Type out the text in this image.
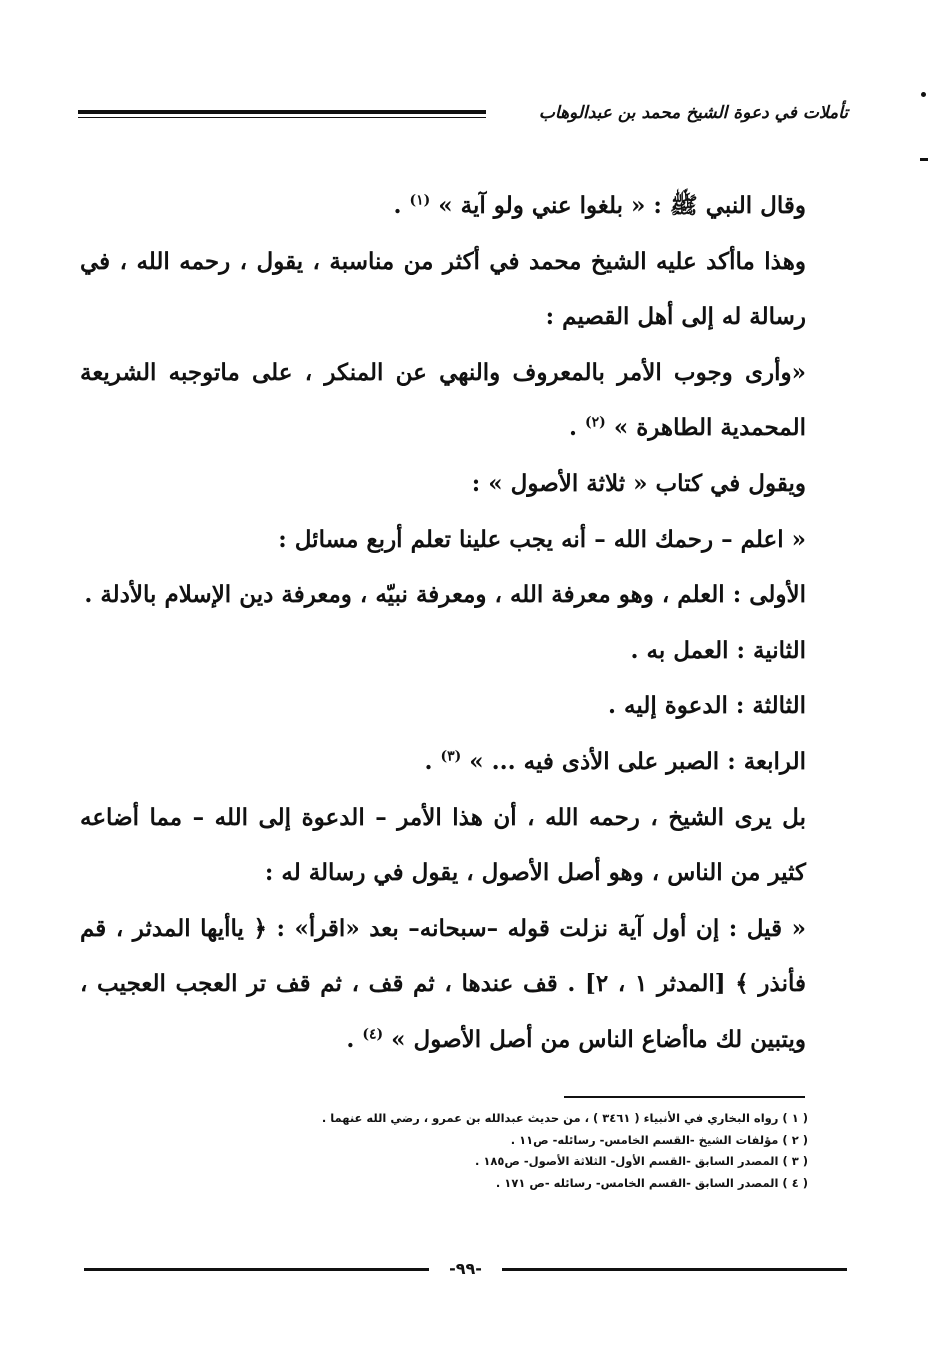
تأملات في دعوة الشيخ محمد بن عبدالوهاب

وقال النبي ﷺ : « بلغوا عني ولو آية » $^{(١)}$ .

وهذا ماأكد عليه الشيخ محمد في أكثر من مناسبة ، يقول ، رحمه الله ، في رسالة له إلى أهل القصيم :

«وأرى وجوب الأمر بالمعروف والنهي عن المنكر ، على ماتوجبه الشريعة المحمدية الطاهرة » $^{(٢)}$ .

ويقول في كتاب « ثلاثة الأصول » :

« اعلم – رحمك الله – أنه يجب علينا تعلم أربع مسائل :

الأولى : العلم ، وهو معرفة الله ، ومعرفة نبيّه ، ومعرفة دين الإسلام بالأدلة .

الثانية : العمل به .

الثالثة : الدعوة إليه .

الرابعة : الصبر على الأذى فيه ... » $^{(٣)}$ .

بل يرى الشيخ ، رحمه الله ، أن هذا الأمر – الدعوة إلى الله – مما أضاعه كثير من الناس ، وهو أصل الأصول ، يقول في رسالة له :

« قيل : إن أول آية نزلت قوله –سبحانه– بعد «اقرأ» : ﴿ ياأيها المدثر ، قم فأنذر ﴾ [المدثر ١ ، ٢] . قف عندها ، ثم قف ، ثم قف تر العجب العجيب ، ويتبين لك ماأضاع الناس من أصل الأصول » $^{(٤)}$ .

( ١ ) رواه البخاري في الأنبياء ( ٣٤٦١ ) ، من حديث عبدالله بن عمرو ، رضي الله عنهما .
( ٢ ) مؤلفات الشيخ -القسم الخامس- رسائله- ص١١ .
( ٣ ) المصدر السابق -القسم الأول- الثلاثة الأصول- ص١٨٥ .
( ٤ ) المصدر السابق -القسم الخامس- رسائله -ص ١٧١ .
-٩٩-
